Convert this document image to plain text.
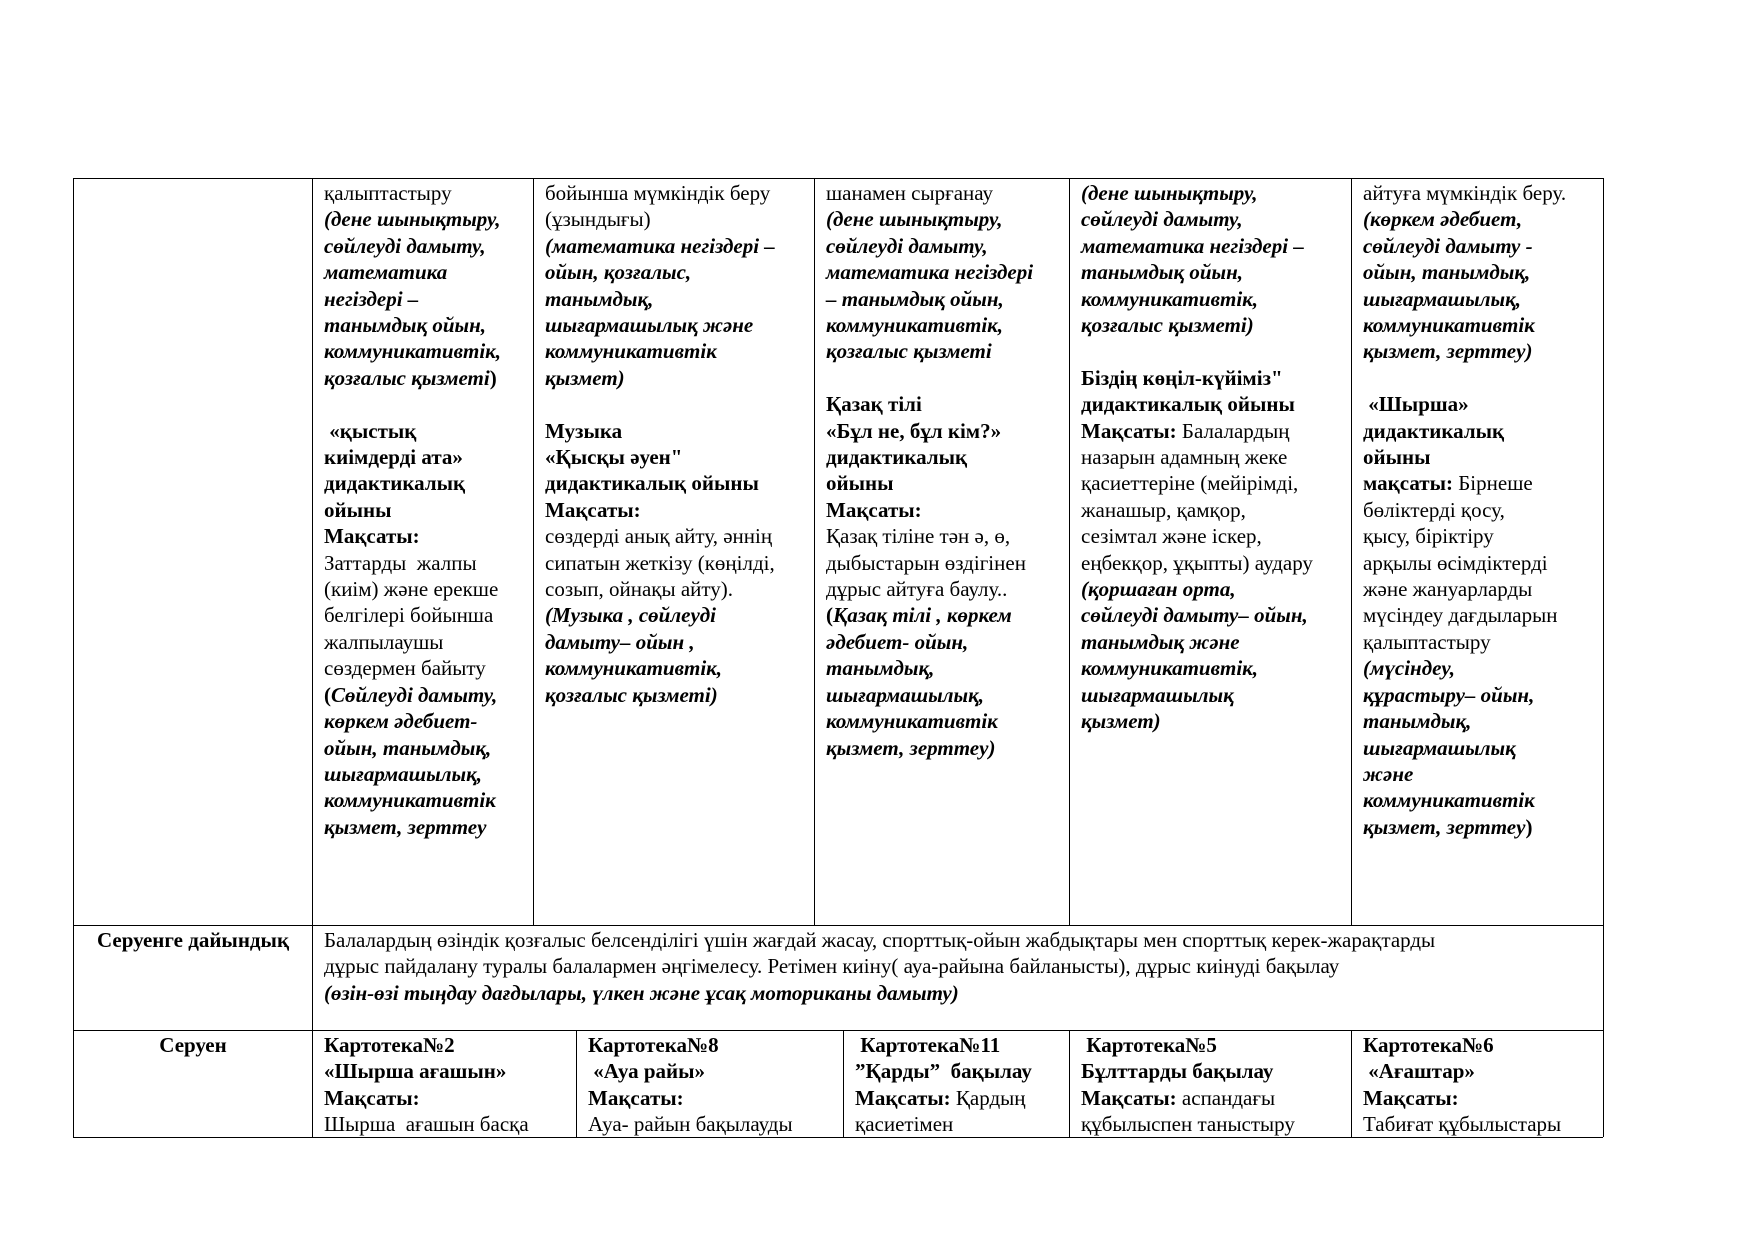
қалыптастыру

(дене шынықтыру,

сөйлеуді дамыту,

математика

негіздері –

танымдық ойын,

коммуникативтік,

қозғалыс қызметі)

«қыстық

киімдерді ата»

дидактикалық

ойыны

Мақсаты:

Заттарды  жалпы

(киім) және ерекше

белгілері бойынша

жалпылаушы

сөздермен байыту

(Сөйлеуді дамыту,

көркем әдебиет-

ойын, танымдық,

шығармашылық,

коммуникативтік

қызмет, зерттеу

бойынша мүмкіндік беру

(ұзындығы)

(математика негіздері –

ойын, қозғалыс,

танымдық,

шығармашылық және

коммуникативтік

қызмет)

Музыка

«Қысқы әуен"

дидактикалық ойыны

Мақсаты:

сөздерді анық айту, әннің

сипатын жеткізу (көңілді,

созып, ойнақы айту).

(Музыка , сөйлеуді

дамыту– ойын ,

коммуникативтік,

қозғалыс қызметі)

шанамен сырғанау

(дене шынықтыру,

сөйлеуді дамыту,

математика негіздері

– танымдық ойын,

коммуникативтік,

қозғалыс қызметі

Қазақ тілі

«Бұл не, бұл кім?»

дидактикалық

ойыны

Мақсаты:

Қазақ тіліне тән ә, ө,

дыбыстарын өздігінен

дұрыс айтуға баулу..

(Қазақ тілі , көркем

әдебиет- ойын,

танымдық,

шығармашылық,

коммуникативтік

қызмет, зерттеу)

(дене шынықтыру,

сөйлеуді дамыту,

математика негіздері –

танымдық ойын,

коммуникативтік,

қозғалыс қызметі)

Біздің көңіл-күйіміз"

дидактикалық ойыны

Мақсаты: Балалардың

назарын адамның жеке

қасиеттеріне (мейірімді,

жанашыр, қамқор,

сезімтал және іскер,

еңбекқор, ұқыпты) аудару

(қоршаған орта,

сөйлеуді дамыту– ойын,

танымдық және

коммуникативтік,

шығармашылық

қызмет)

айтуға мүмкіндік беру.

(көркем әдебиет,

сөйлеуді дамыту -

ойын, танымдық,

шығармашылық,

коммуникативтік

қызмет, зерттеу)

«Шырша»

дидактикалық

ойыны

мақсаты: Бірнеше

бөліктерді қосу,

қысу, біріктіру

арқылы өсімдіктерді

және жануарларды

мүсіндеу дағдыларын

қалыптастыру

(мүсіндеу,

құрастыру– ойын,

танымдық,

шығармашылық

және

коммуникативтік

қызмет, зерттеу)

Серуенге дайындық	Балалардың өзіндік қозғалыс белсенділігі үшін жағдай жасау, спорттық-ойын жабдықтары мен спорттық керек-жарақтарды

дұрыс пайдалану туралы балалармен әңгімелесу. Ретімен киіну( ауа-райына байланысты), дұрыс киінуді бақылау

(өзін-өзі тыңдау дағдылары, үлкен және ұсақ моториканы дамыту)

Серуен	Картотека№2

«Шырша ағашын»

Мақсаты:

Шырша  ағашын басқа

Картотека№8

«Ауа райы»

Мақсаты:

Ауа- райын бақылауды

Картотека№11

”Қарды”  бақылау

Мақсаты: Қардың

қасиетімен

Картотека№5

Бұлттарды бақылау

Мақсаты: аспандағы

құбылыспен таныстыру

Картотека№6

«Ағаштар»

Мақсаты:

Табиғат құбылыстары
